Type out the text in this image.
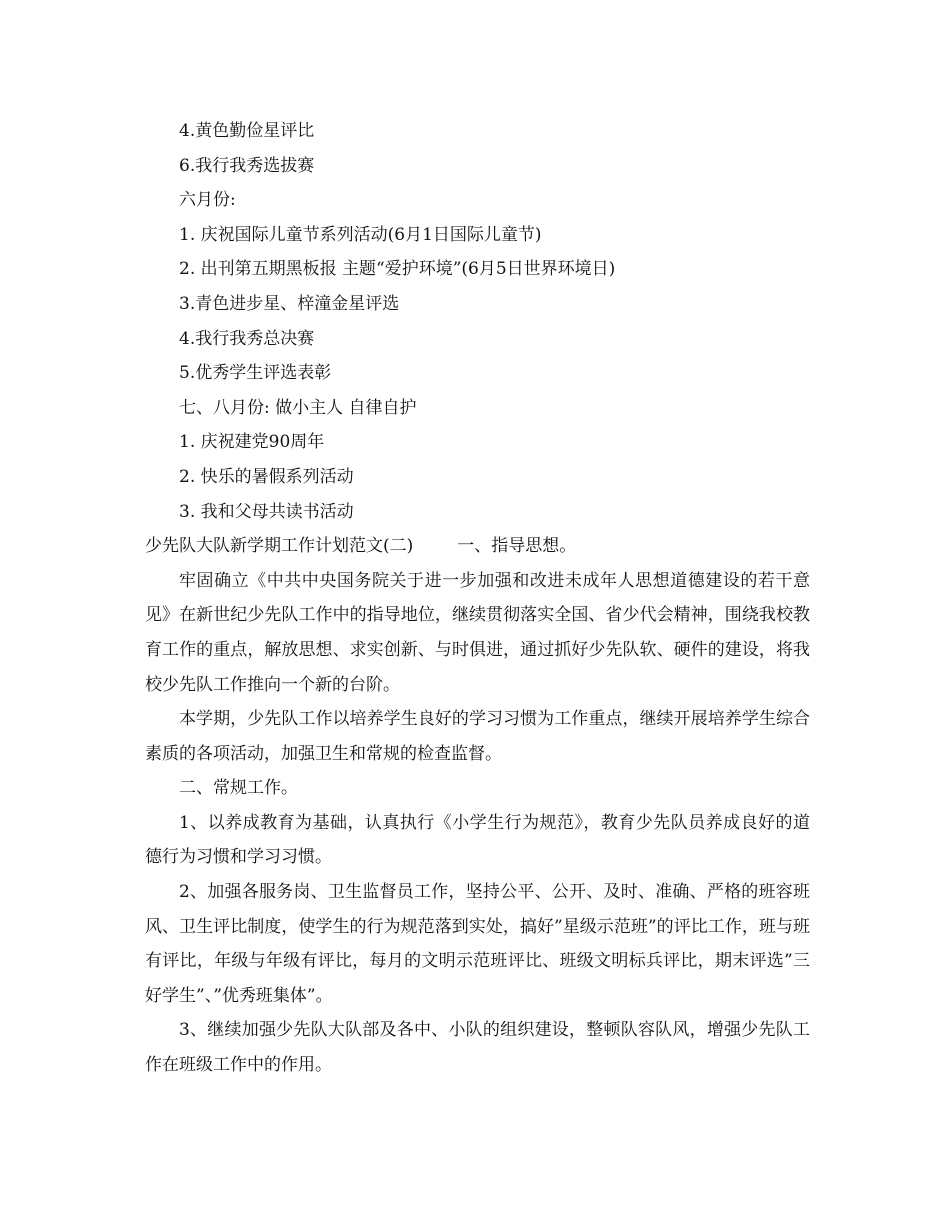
4.黄色勤俭星评比

6.我行我秀选拔赛

六月份:

1. 庆祝国际儿童节系列活动(6月1日国际儿童节)

2. 出刊第五期黑板报 主题“爱护环境”(6月5日世界环境日)

3.青色进步星、梓潼金星评选

4.我行我秀总决赛

5.优秀学生评选表彰

七、八月份: 做小主人 自律自护

1. 庆祝建党90周年

2. 快乐的暑假系列活动

3. 我和父母共读书活动

少先队大队新学期工作计划范文(二)	一、指导思想。

牢固确立《中共中央国务院关于进一步加强和改进未成年人思想道德建设的若干意见》在新世纪少先队工作中的指导地位，继续贯彻落实全国、省少代会精神，围绕我校教育工作的重点，解放思想、求实创新、与时俱进，通过抓好少先队软、硬件的建设，将我校少先队工作推向一个新的台阶。

本学期，少先队工作以培养学生良好的学习习惯为工作重点，继续开展培养学生综合素质的各项活动，加强卫生和常规的检查监督。

二、常规工作。

1、以养成教育为基础，认真执行《小学生行为规范》，教育少先队员养成良好的道德行为习惯和学习习惯。

2、加强各服务岗、卫生监督员工作，坚持公平、公开、及时、准确、严格的班容班风、卫生评比制度，使学生的行为规范落到实处，搞好”星级示范班”的评比工作，班与班有评比，年级与年级有评比，每月的文明示范班评比、班级文明标兵评比，期末评选”三好学生”、”优秀班集体”。

3、继续加强少先队大队部及各中、小队的组织建设，整顿队容队风，增强少先队工作在班级工作中的作用。
